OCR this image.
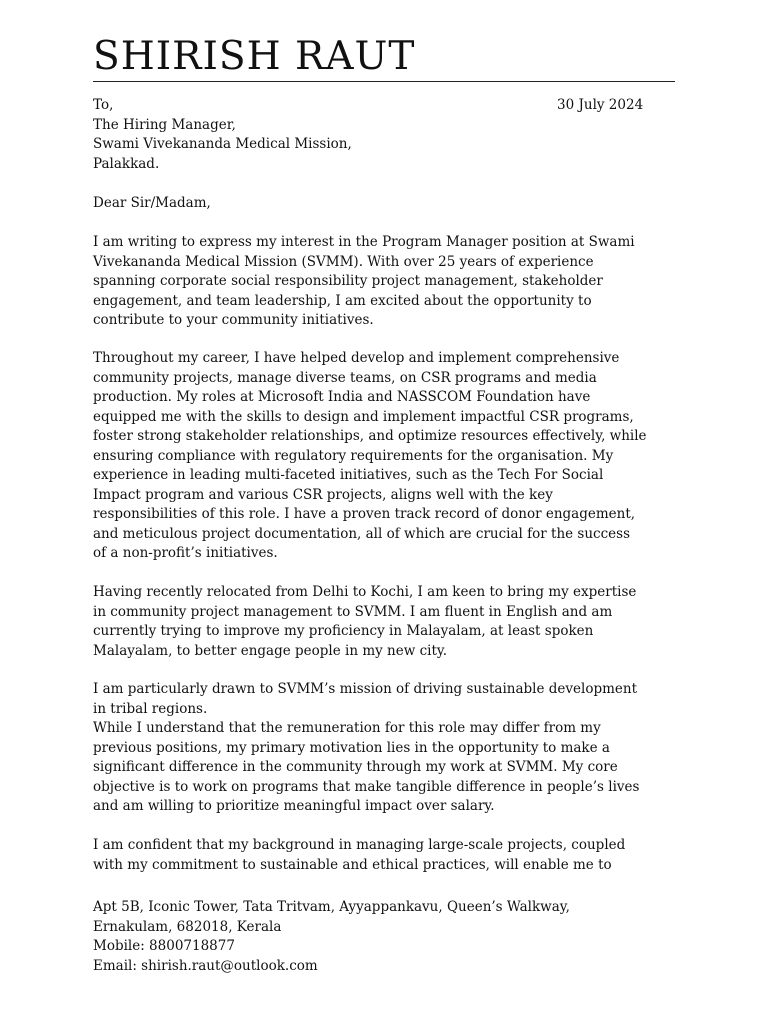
SHIRISH RAUT
30 July 2024
To,
The Hiring Manager,
Swami Vivekananda Medical Mission,
Palakkad.
Dear Sir/Madam,
I am writing to express my interest in the Program Manager position at Swami
Vivekananda Medical Mission (SVMM). With over 25 years of experience
spanning corporate social responsibility project management, stakeholder
engagement, and team leadership, I am excited about the opportunity to
contribute to your community initiatives.
Throughout my career, I have helped develop and implement comprehensive
community projects, manage diverse teams, on CSR programs and media
production. My roles at Microsoft India and NASSCOM Foundation have
equipped me with the skills to design and implement impactful CSR programs,
foster strong stakeholder relationships, and optimize resources effectively, while
ensuring compliance with regulatory requirements for the organisation. My
experience in leading multi-faceted initiatives, such as the Tech For Social
Impact program and various CSR projects, aligns well with the key
responsibilities of this role. I have a proven track record of donor engagement,
and meticulous project documentation, all of which are crucial for the success
of a non-profit’s initiatives.
Having recently relocated from Delhi to Kochi, I am keen to bring my expertise
in community project management to SVMM. I am fluent in English and am
currently trying to improve my proficiency in Malayalam, at least spoken
Malayalam, to better engage people in my new city.
I am particularly drawn to SVMM’s mission of driving sustainable development
in tribal regions.
While I understand that the remuneration for this role may differ from my
previous positions, my primary motivation lies in the opportunity to make a
significant difference in the community through my work at SVMM. My core
objective is to work on programs that make tangible difference in people’s lives
and am willing to prioritize meaningful impact over salary.
I am confident that my background in managing large-scale projects, coupled
with my commitment to sustainable and ethical practices, will enable me to
Apt 5B, Iconic Tower, Tata Tritvam, Ayyappankavu, Queen’s Walkway,
Ernakulam, 682018, Kerala
Mobile: 8800718877
Email: shirish.raut@outlook.com
